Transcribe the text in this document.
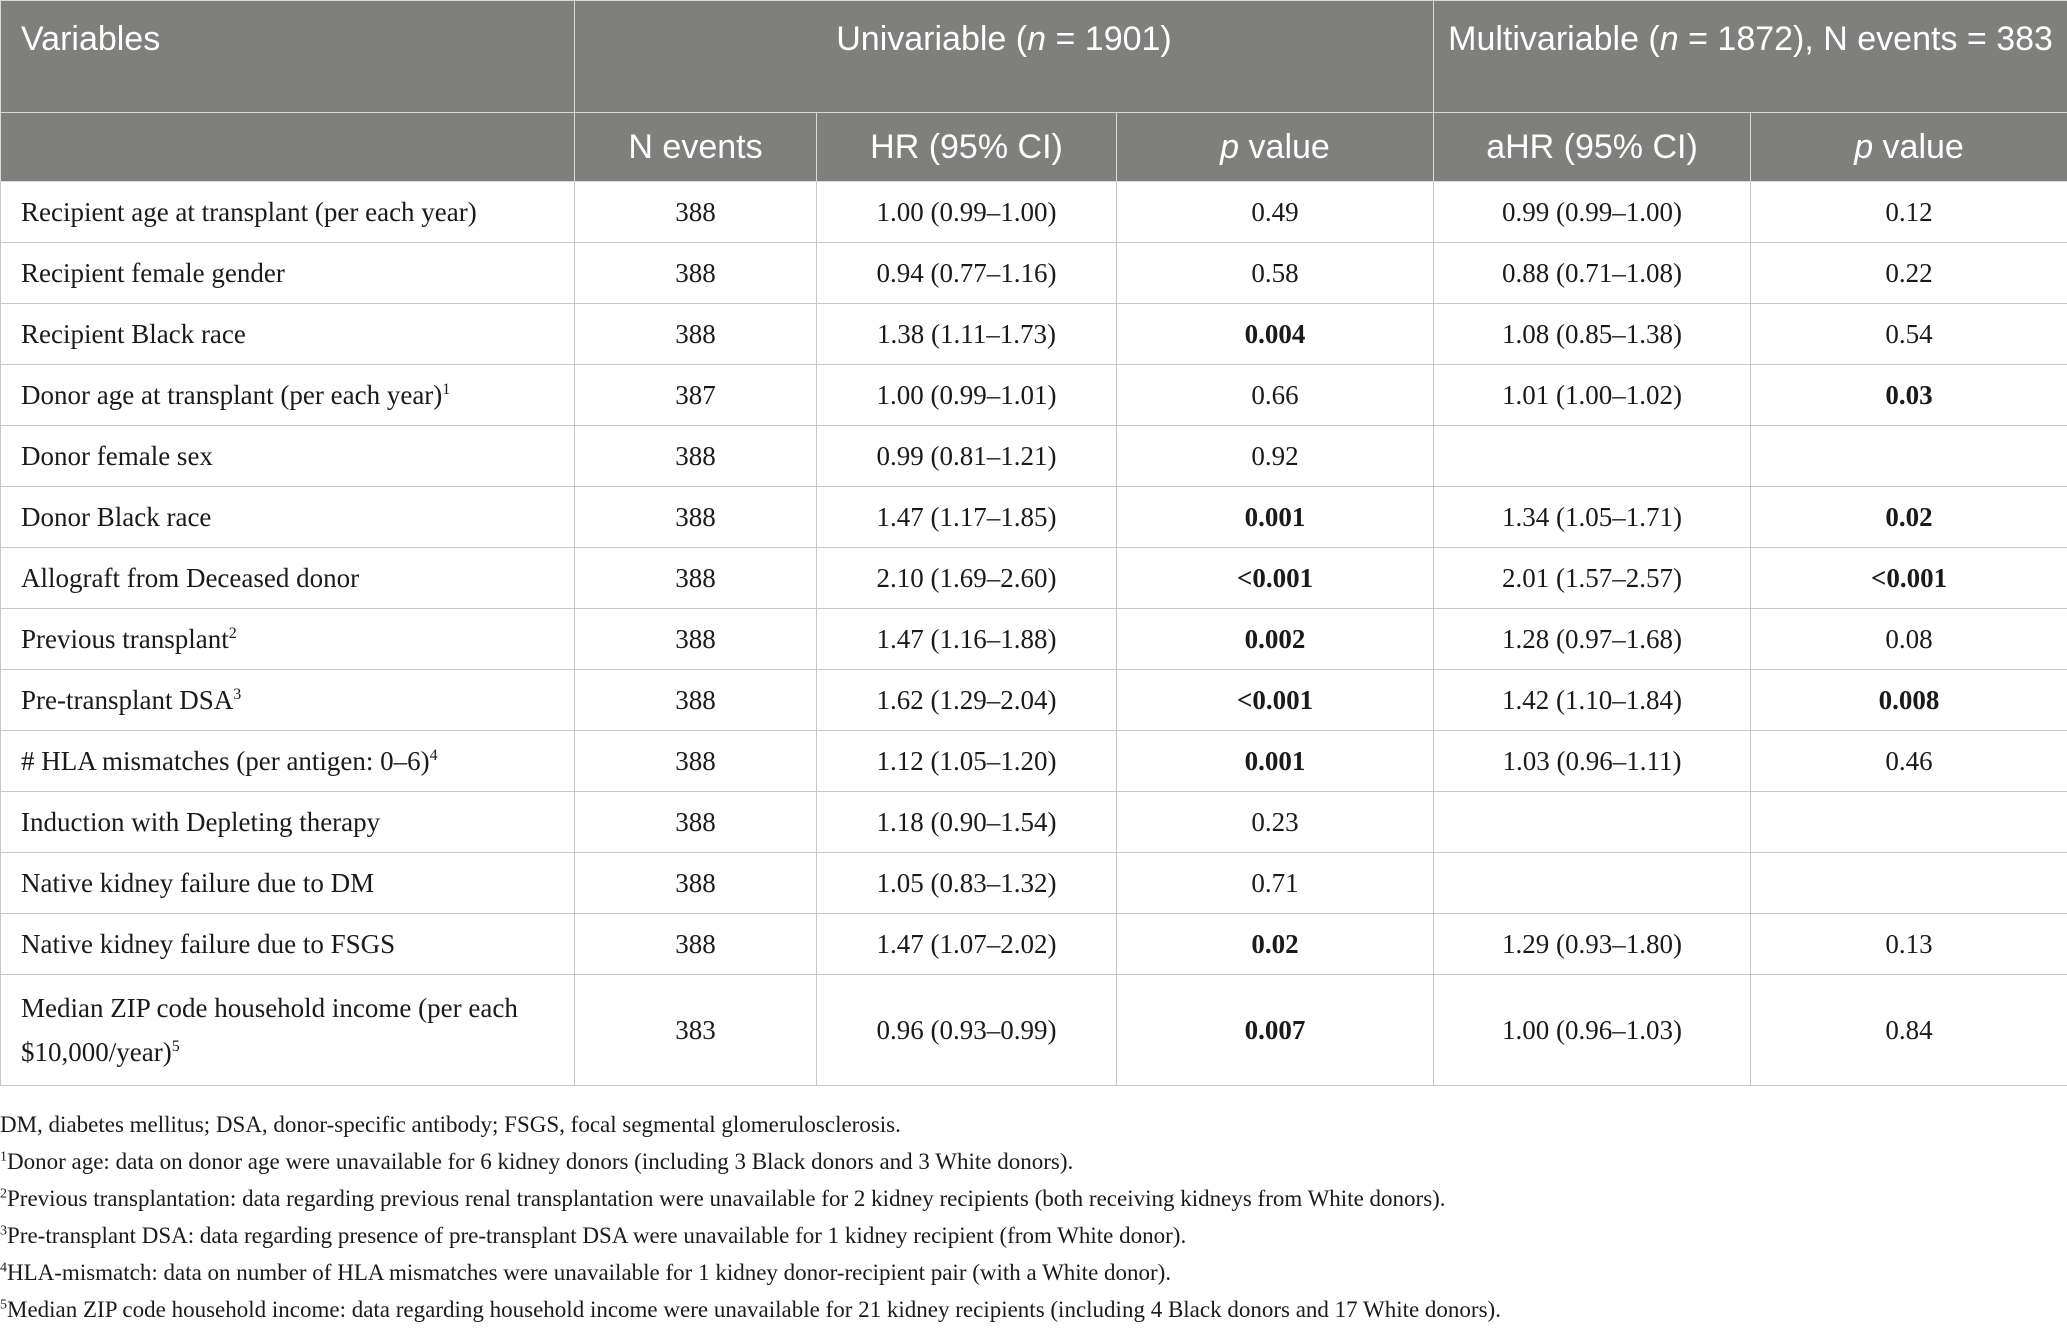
Variables	Univariable (n = 1901)			Multivariable (n = 1872), N events = 383	
	N events	HR (95% CI)	p value	aHR (95% CI)	p value
Recipient age at transplant (per each year)	388	1.00 (0.99–1.00)	0.49	0.99 (0.99–1.00)	0.12
Recipient female gender	388	0.94 (0.77–1.16)	0.58	0.88 (0.71–1.08)	0.22
Recipient Black race	388	1.38 (1.11–1.73)	0.004	1.08 (0.85–1.38)	0.54
Donor age at transplant (per each year)$^1$	387	1.00 (0.99–1.01)	0.66	1.01 (1.00–1.02)	0.03
Donor female sex	388	0.99 (0.81–1.21)	0.92		
Donor Black race	388	1.47 (1.17–1.85)	0.001	1.34 (1.05–1.71)	0.02
Allograft from Deceased donor	388	2.10 (1.69–2.60)	<0.001	2.01 (1.57–2.57)	<0.001
Previous transplant$^2$	388	1.47 (1.16–1.88)	0.002	1.28 (0.97–1.68)	0.08
Pre-transplant DSA$^3$	388	1.62 (1.29–2.04)	<0.001	1.42 (1.10–1.84)	0.008
# HLA mismatches (per antigen: 0–6)$^4$	388	1.12 (1.05–1.20)	0.001	1.03 (0.96–1.11)	0.46
Induction with Depleting therapy	388	1.18 (0.90–1.54)	0.23		
Native kidney failure due to DM	388	1.05 (0.83–1.32)	0.71		
Native kidney failure due to FSGS	388	1.47 (1.07–2.02)	0.02	1.29 (0.93–1.80)	0.13
Median ZIP code household income (per each $10,000/year)$^5$	383	0.96 (0.93–0.99)	0.007	1.00 (0.96–1.03)	0.84
DM, diabetes mellitus; DSA, donor-specific antibody; FSGS, focal segmental glomerulosclerosis.
$^1$Donor age: data on donor age were unavailable for 6 kidney donors (including 3 Black donors and 3 White donors).
$^2$Previous transplantation: data regarding previous renal transplantation were unavailable for 2 kidney recipients (both receiving kidneys from White donors).
$^3$Pre-transplant DSA: data regarding presence of pre-transplant DSA were unavailable for 1 kidney recipient (from White donor).
$^4$HLA-mismatch: data on number of HLA mismatches were unavailable for 1 kidney donor-recipient pair (with a White donor).
$^5$Median ZIP code household income: data regarding household income were unavailable for 21 kidney recipients (including 4 Black donors and 17 White donors).
